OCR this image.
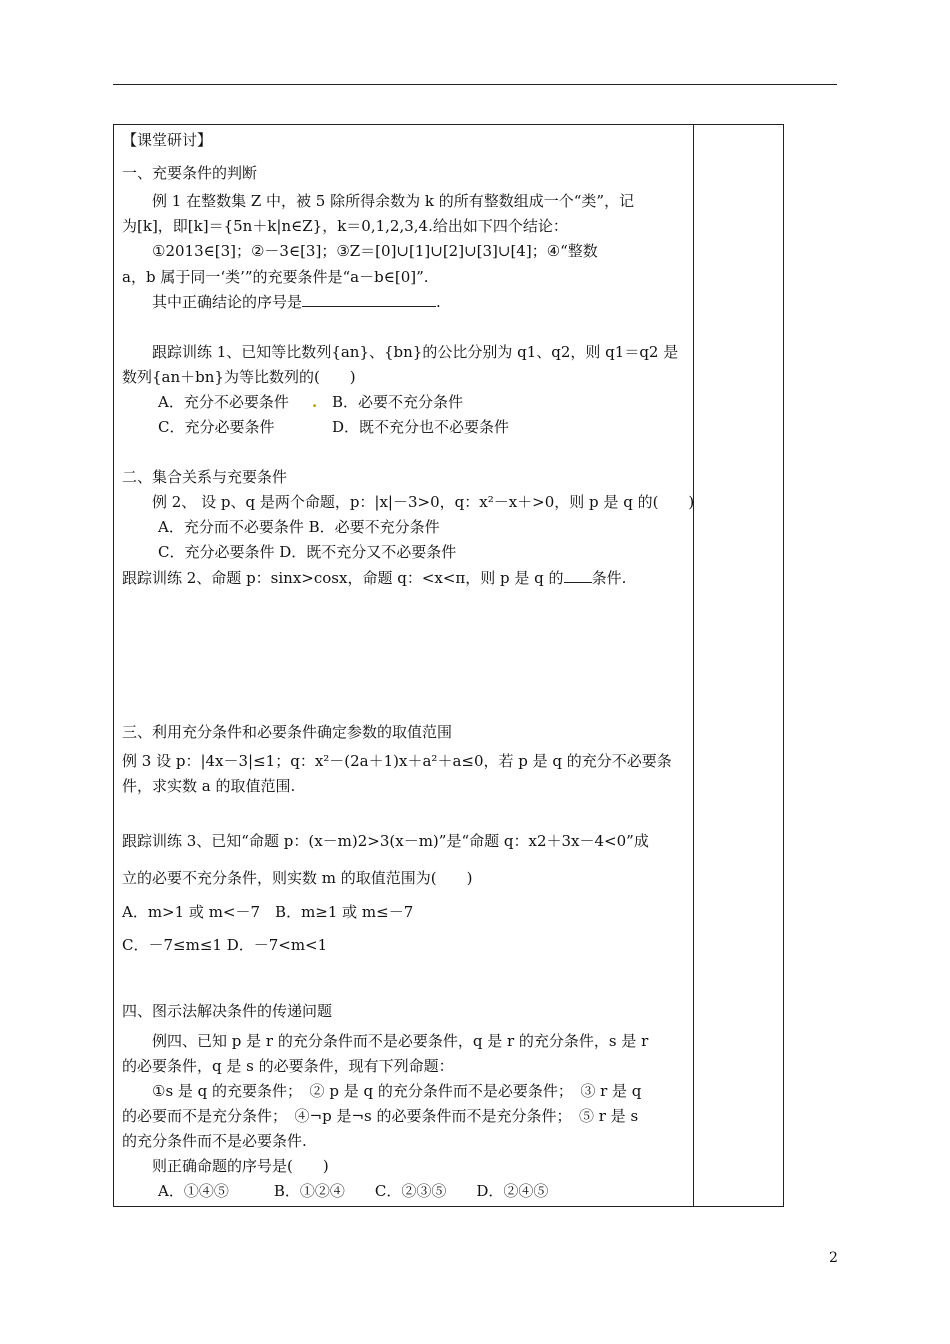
【课堂研讨】
一、充要条件的判断
例 1 在整数集 Z 中，被 5 除所得余数为 k 的所有整数组成一个“类”，记
为[k]，即[k]＝{5n＋k|n∈Z}，k＝0,1,2,3,4.给出如下四个结论：
①2013∈[3]；②－3∈[3]；③Z＝[0]∪[1]∪[2]∪[3]∪[4]；④“整数
a，b 属于同一‘类’”的充要条件是“a－b∈[0]”.
其中正确结论的序号是	.
跟踪训练 1、已知等比数列{an}、{bn}的公比分别为 q1、q2，则 q1＝q2 是
数列{an＋bn}为等比数列的(　　)
A．充分不必要条件 . B．必要不充分条件
C．充分必要条件	D．既不充分也不必要条件
二、集合关系与充要条件
例 2、 设 p、q 是两个命题，p：|x|－3>0，q：x²－x＋>0，则 p 是 q 的(　　)
A．充分而不必要条件 B．必要不充分条件
C．充分必要条件 D．既不充分又不必要条件
跟踪训练 2、命题 p：sinx>cosx，命题 q：<x<π，则 p 是 q 的 条件.
三、利用充分条件和必要条件确定参数的取值范围
例 3 设 p：|4x－3|≤1；q：x²－(2a＋1)x＋a²＋a≤0，若 p 是 q 的充分不必要条
件，求实数 a 的取值范围.
跟踪训练 3、已知“命题 p：(x－m)2>3(x－m)”是“命题 q：x2＋3x－4<0”成
立的必要不充分条件，则实数 m 的取值范围为(　　)
A．m>1 或 m<－7　B．m≥1 或 m≤－7
C．－7≤m≤1 D．－7<m<1
四、图示法解决条件的传递问题
例四、已知 p 是 r 的充分条件而不是必要条件，q 是 r 的充分条件，s 是 r
的必要条件，q 是 s 的必要条件，现有下列命题：
①s 是 q 的充要条件；　② p 是 q 的充分条件而不是必要条件；　③ r 是 q
的必要而不是充分条件；　④¬p 是¬s 的必要条件而不是充分条件；　⑤ r 是 s
的充分条件而不是必要条件.
则正确命题的序号是(　　)
A．①④⑤　　　B．①②④　　C．②③⑤　　D．②④⑤
2
